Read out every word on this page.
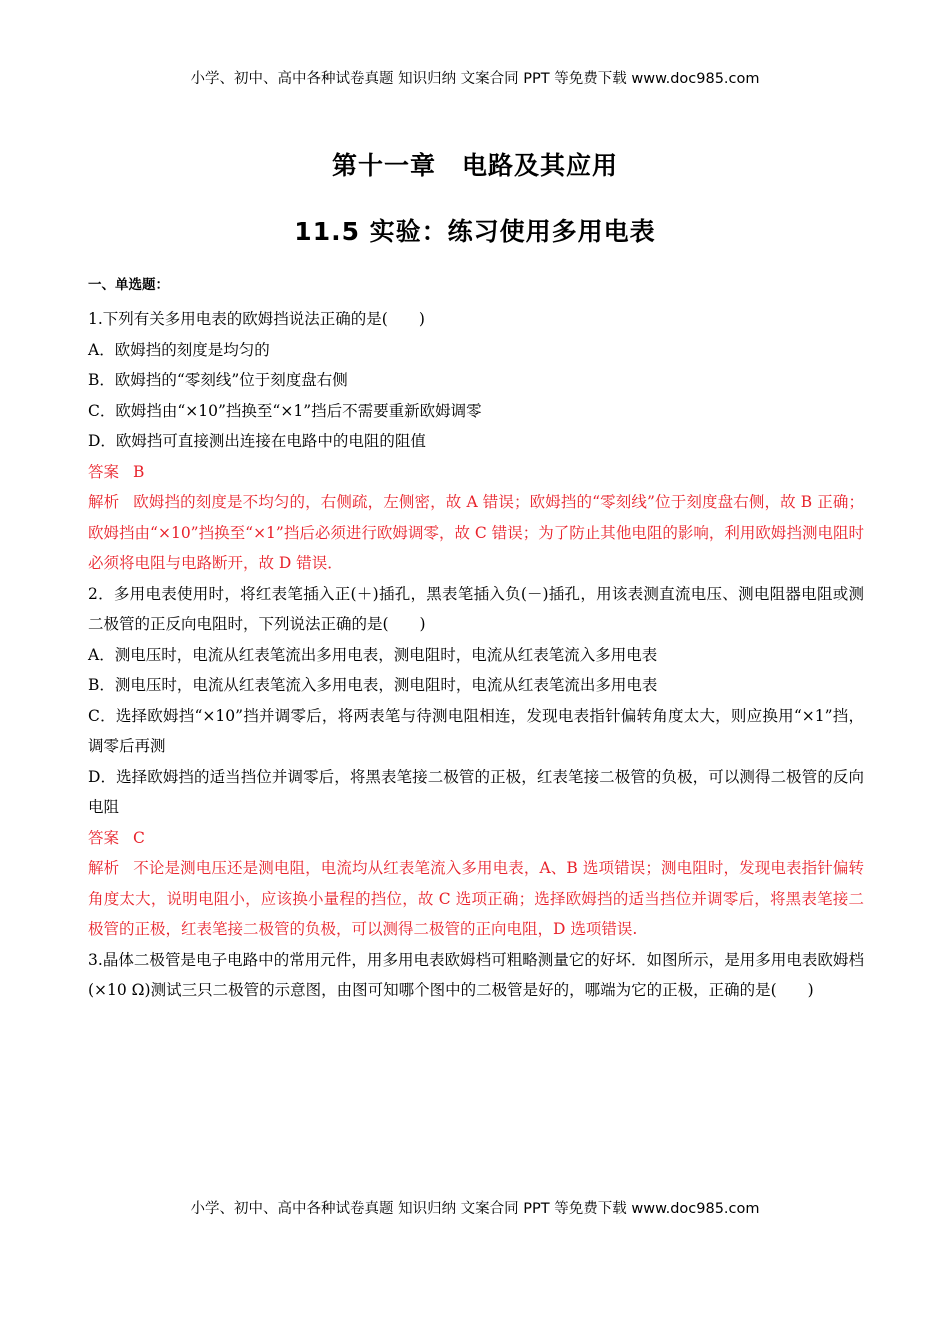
小学、初中、高中各种试卷真题 知识归纳 文案合同 PPT 等免费下载 www.doc985.com
第十一章　电路及其应用
11.5 实验：练习使用多用电表
一、单选题：
1.下列有关多用电表的欧姆挡说法正确的是(　　)
A．欧姆挡的刻度是均匀的
B．欧姆挡的“零刻线”位于刻度盘右侧
C．欧姆挡由“×10”挡换至“×1”挡后不需要重新欧姆调零
D．欧姆挡可直接测出连接在电路中的电阻的阻值
答案 B
解析 欧姆挡的刻度是不均匀的，右侧疏，左侧密，故 A 错误；欧姆挡的“零刻线”位于刻度盘右侧，故 B 正确；欧姆挡由“×10”挡换至“×1”挡后必须进行欧姆调零，故 C 错误；为了防止其他电阻的影响，利用欧姆挡测电阻时必须将电阻与电路断开，故 D 错误．
2．多用电表使用时，将红表笔插入正(＋)插孔，黑表笔插入负(－)插孔，用该表测直流电压、测电阻器电阻或测二极管的正反向电阻时，下列说法正确的是(　　)
A．测电压时，电流从红表笔流出多用电表，测电阻时，电流从红表笔流入多用电表
B．测电压时，电流从红表笔流入多用电表，测电阻时，电流从红表笔流出多用电表
C．选择欧姆挡“×10”挡并调零后，将两表笔与待测电阻相连，发现电表指针偏转角度太大，则应换用“×1”挡，调零后再测
D．选择欧姆挡的适当挡位并调零后，将黑表笔接二极管的正极，红表笔接二极管的负极，可以测得二极管的反向电阻
答案 C
解析 不论是测电压还是测电阻，电流均从红表笔流入多用电表，A、B 选项错误；测电阻时，发现电表指针偏转角度太大，说明电阻小，应该换小量程的挡位，故 C 选项正确；选择欧姆挡的适当挡位并调零后，将黑表笔接二极管的正极，红表笔接二极管的负极，可以测得二极管的正向电阻，D 选项错误.
3.晶体二极管是电子电路中的常用元件，用多用电表欧姆档可粗略测量它的好坏．如图所示，是用多用电表欧姆档(×10 Ω)测试三只二极管的示意图，由图可知哪个图中的二极管是好的，哪端为它的正极，正确的是(　　)
小学、初中、高中各种试卷真题 知识归纳 文案合同 PPT 等免费下载 www.doc985.com
